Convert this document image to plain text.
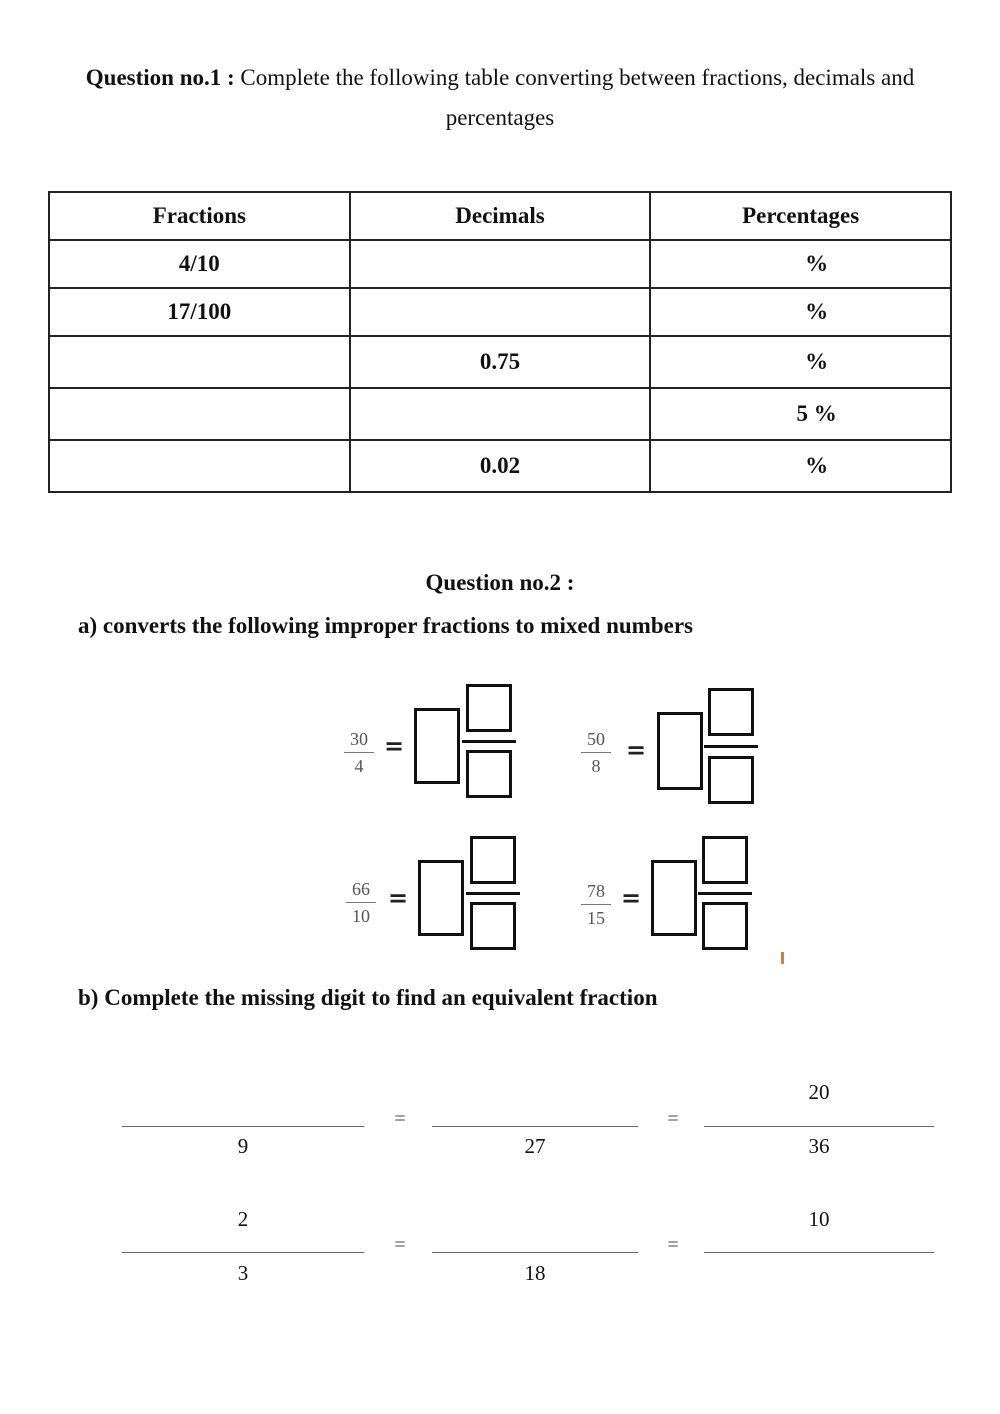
Question no.1 : Complete the following table converting between fractions, decimals and
percentages
Fractions	Decimals	Percentages
4/10		%
17/100		%
	0.75	%
		5 %
	0.02	%
Question no.2 :
a) converts the following improper fractions to mixed numbers
30
4
=	50
8
=
66
10
=	78
15
=
b) Complete the missing digit to find an equivalent fraction
9
=
27
=
20
36
2
3
=
18
=
10
